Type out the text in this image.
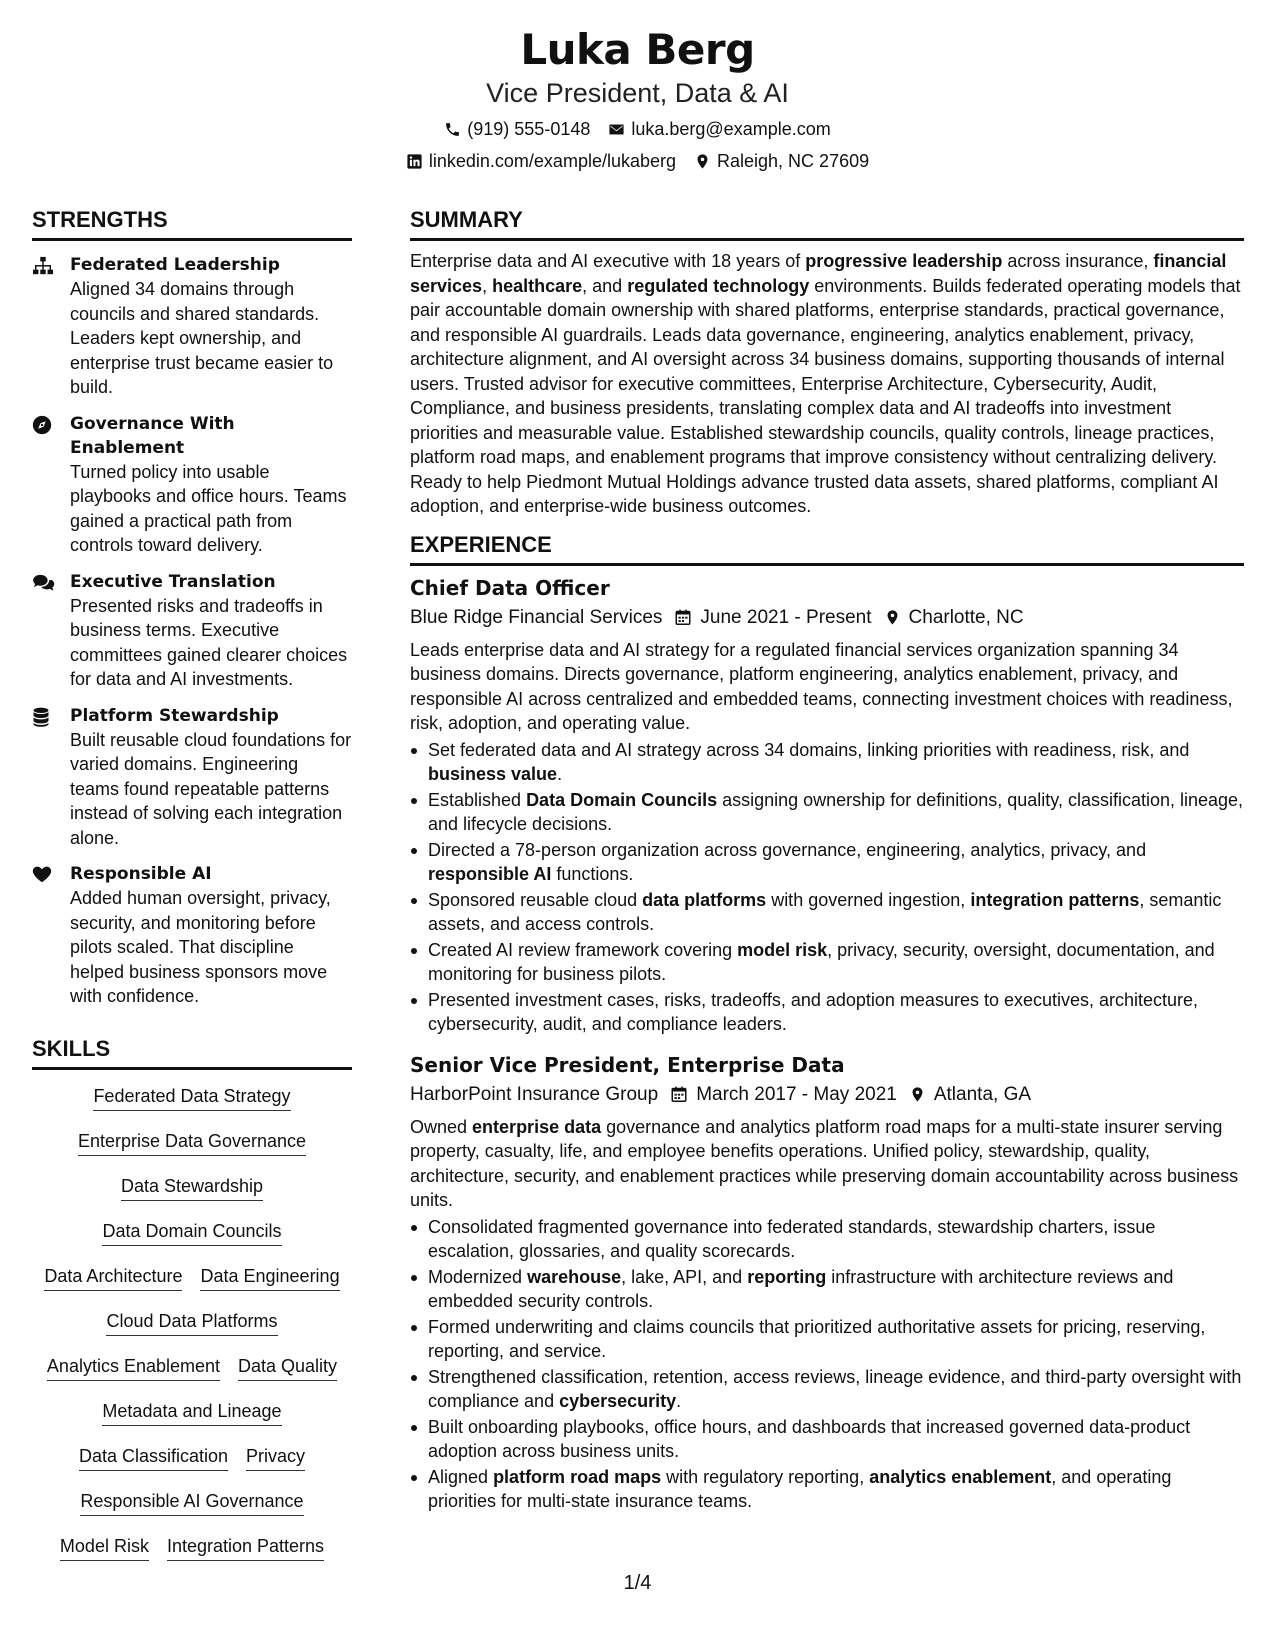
Luka Berg
Vice President, Data & AI
(919) 555-0148 luka.berg@example.com
linkedin.com/example/lukaberg Raleigh, NC 27609
STRENGTHS
Federated Leadership
Aligned 34 domains through councils and shared standards. Leaders kept ownership, and enterprise trust became easier to build.
Governance With Enablement
Turned policy into usable playbooks and office hours. Teams gained a practical path from controls toward delivery.
Executive Translation
Presented risks and tradeoffs in business terms. Executive committees gained clearer choices for data and AI investments.
Platform Stewardship
Built reusable cloud foundations for varied domains. Engineering teams found repeatable patterns instead of solving each integration alone.
Responsible AI
Added human oversight, privacy, security, and monitoring before pilots scaled. That discipline helped business sponsors move with confidence.
SKILLS
Federated Data Strategy
Enterprise Data Governance
Data Stewardship
Data Domain Councils
Data Architecture Data Engineering
Cloud Data Platforms
Analytics Enablement Data Quality
Metadata and Lineage
Data Classification Privacy
Responsible AI Governance
Model Risk Integration Patterns
SUMMARY
Enterprise data and AI executive with 18 years of progressive leadership across insurance, financial services, healthcare, and regulated technology environments. Builds federated operating models that pair accountable domain ownership with shared platforms, enterprise standards, practical governance, and responsible AI guardrails. Leads data governance, engineering, analytics enablement, privacy, architecture alignment, and AI oversight across 34 business domains, supporting thousands of internal users. Trusted advisor for executive committees, Enterprise Architecture, Cybersecurity, Audit, Compliance, and business presidents, translating complex data and AI tradeoffs into investment priorities and measurable value. Established stewardship councils, quality controls, lineage practices, platform road maps, and enablement programs that improve consistency without centralizing delivery. Ready to help Piedmont Mutual Holdings advance trusted data assets, shared platforms, compliant AI adoption, and enterprise-wide business outcomes.
EXPERIENCE
Chief Data Officer
Blue Ridge Financial Services June 2021 - Present Charlotte, NC
Leads enterprise data and AI strategy for a regulated financial services organization spanning 34 business domains. Directs governance, platform engineering, analytics enablement, privacy, and responsible AI across centralized and embedded teams, connecting investment choices with readiness, risk, adoption, and operating value.
Set federated data and AI strategy across 34 domains, linking priorities with readiness, risk, and business value.
Established Data Domain Councils assigning ownership for definitions, quality, classification, lineage, and lifecycle decisions.
Directed a 78-person organization across governance, engineering, analytics, privacy, and responsible AI functions.
Sponsored reusable cloud data platforms with governed ingestion, integration patterns, semantic assets, and access controls.
Created AI review framework covering model risk, privacy, security, oversight, documentation, and monitoring for business pilots.
Presented investment cases, risks, tradeoffs, and adoption measures to executives, architecture, cybersecurity, audit, and compliance leaders.
Senior Vice President, Enterprise Data
HarborPoint Insurance Group March 2017 - May 2021 Atlanta, GA
Owned enterprise data governance and analytics platform road maps for a multi-state insurer serving property, casualty, life, and employee benefits operations. Unified policy, stewardship, quality, architecture, security, and enablement practices while preserving domain accountability across business units.
Consolidated fragmented governance into federated standards, stewardship charters, issue escalation, glossaries, and quality scorecards.
Modernized warehouse, lake, API, and reporting infrastructure with architecture reviews and embedded security controls.
Formed underwriting and claims councils that prioritized authoritative assets for pricing, reserving, reporting, and service.
Strengthened classification, retention, access reviews, lineage evidence, and third-party oversight with compliance and cybersecurity.
Built onboarding playbooks, office hours, and dashboards that increased governed data-product adoption across business units.
Aligned platform road maps with regulatory reporting, analytics enablement, and operating priorities for multi-state insurance teams.
1/4
